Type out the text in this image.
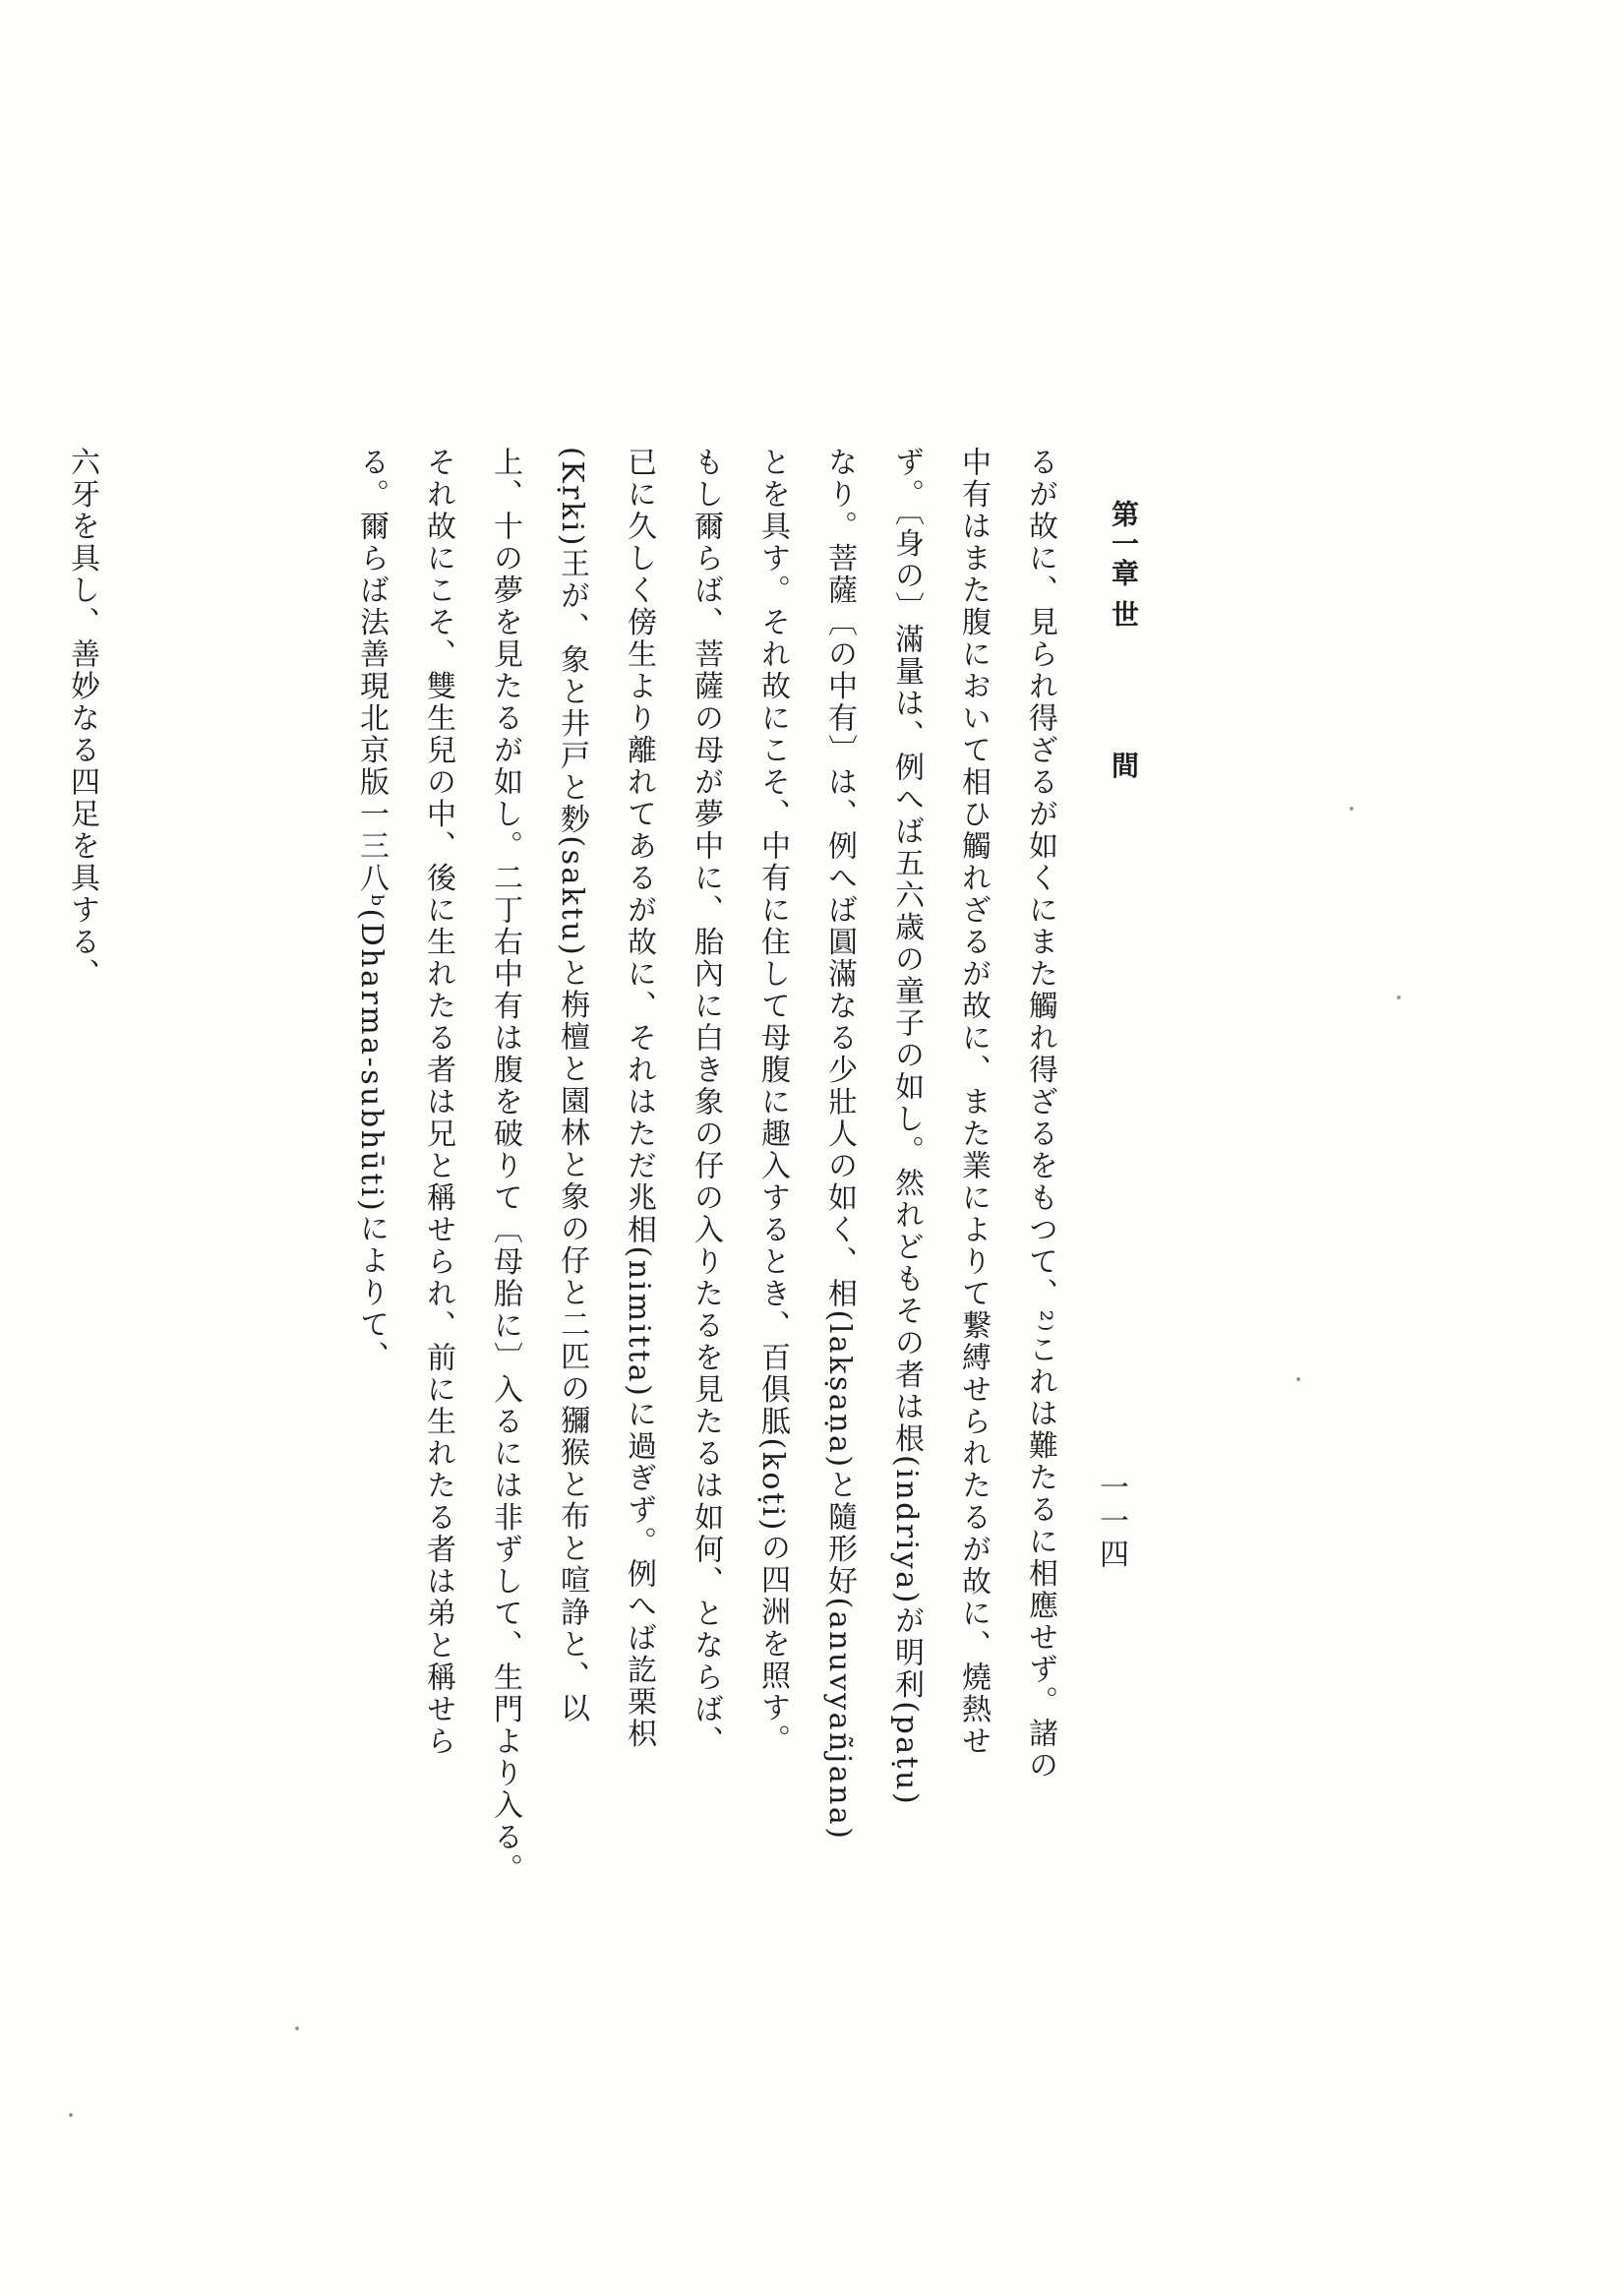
第一章 世  間
一一四
るが故に、見られ得ざるが如くにまた觸れ得ざるをもつて、²⁾これは難たるに相應せず。諸の
中有はまた腹において相ひ觸れざるが故に、また業によりて繋縛せられたるが故に、燒熱せ
ず。〔身の〕滿量は、例へば五六歳の童子の如し。然れどもその者は根(indriya)が明利(paṭu)
なり。菩薩〔の中有〕は、例へば圓滿なる少壯人の如く、相(lakṣaṇa)と隨形好(anuvyañjana)
とを具す。それ故にこそ、中有に住して母腹に趣入するとき、百俱胝(koṭi)の四洲を照す。
もし爾らば、菩薩の母が夢中に、胎內に白き象の仔の入りたるを見たるは如何、とならば、
已に久しく傍生より離れてあるが故に、それはただ兆相(nimitta)に過ぎず。例へば訖栗枳
(Kṛki)王が、象と井戸と麨(saktu)と栴檀と園林と象の仔と二匹の獼猴と布と喧諍と、以
上、十の夢を見たるが如し。二丁右中有は腹を破りて〔母胎に〕入るには非ずして、生門より入る。
それ故にこそ、雙生兒の中、後に生れたる者は兄と稱せられ、前に生れたる者は弟と稱せら
る。爾らば法善現北京版一三八ᵇ(Dharma-subhūti)によりて、
六牙を具し、善妙なる四足を具する、
